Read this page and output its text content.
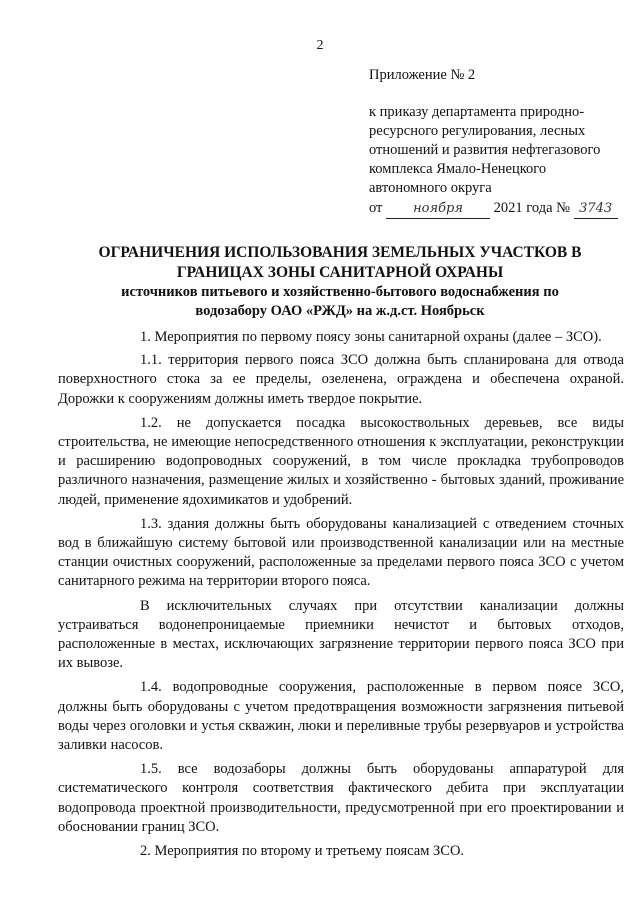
2
Приложение № 2
к приказу департамента природно-
ресурсного регулирования, лесных
отношений и развития нефтегазового
комплекса Ямало-Ненецкого
автономного округа
от ноября 2021 года № 3743
ОГРАНИЧЕНИЯ ИСПОЛЬЗОВАНИЯ ЗЕМЕЛЬНЫХ УЧАСТКОВ В
ГРАНИЦАХ ЗОНЫ САНИТАРНОЙ ОХРАНЫ
источников питьевого и хозяйственно-бытового водоснабжения по
водозабору ОАО «РЖД» на ж.д.ст. Ноябрьск

1. Мероприятия по первому поясу зоны санитарной охраны (далее – ЗСО).

1.1. территория первого пояса ЗСО должна быть спланирована для отвода поверхностного стока за ее пределы, озеленена, ограждена и обеспечена охраной. Дорожки к сооружениям должны иметь твердое покрытие.

1.2. не допускается посадка высокоствольных деревьев, все виды строительства, не имеющие непосредственного отношения к эксплуатации, реконструкции и расширению водопроводных сооружений, в том числе прокладка трубопроводов различного назначения, размещение жилых и хозяйственно - бытовых зданий, проживание людей, применение ядохимикатов и удобрений.

1.3. здания должны быть оборудованы канализацией с отведением сточных вод в ближайшую систему бытовой или производственной канализации или на местные станции очистных сооружений, расположенные за пределами первого пояса ЗСО с учетом санитарного режима на территории второго пояса.

В исключительных случаях при отсутствии канализации должны устраиваться водонепроницаемые приемники нечистот и бытовых отходов, расположенные в местах, исключающих загрязнение территории первого пояса ЗСО при их вывозе.

1.4. водопроводные сооружения, расположенные в первом поясе ЗСО, должны быть оборудованы с учетом предотвращения возможности загрязнения питьевой воды через оголовки и устья скважин, люки и переливные трубы резервуаров и устройства заливки насосов.

1.5. все водозаборы должны быть оборудованы аппаратурой для систематического контроля соответствия фактического дебита при эксплуатации водопровода проектной производительности, предусмотренной при его проектировании и обосновании границ ЗСО.

2. Мероприятия по второму и третьему поясам ЗСО.
